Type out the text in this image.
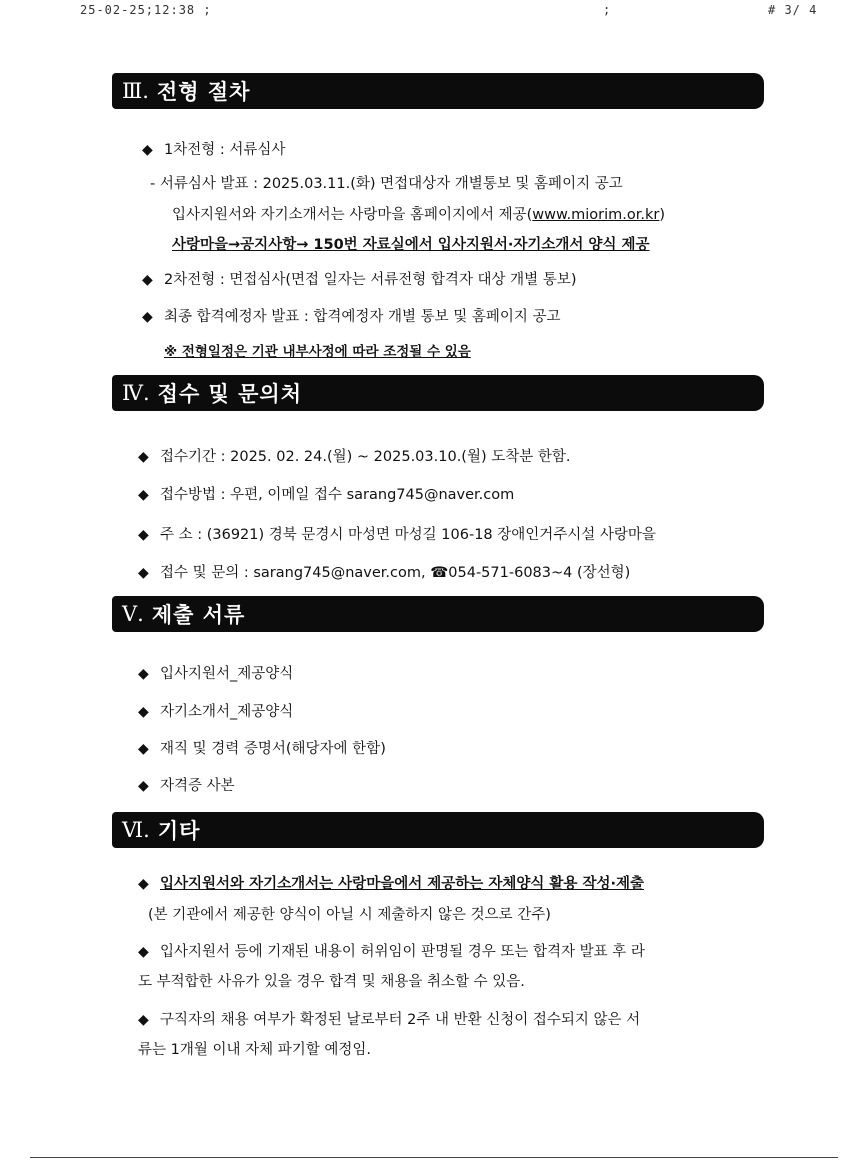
25-02-25;12:38 ;	;	# 3/ 4
Ⅲ. 전형 절차
◆ 1차전형 : 서류심사
- 서류심사 발표 : 2025.03.11.(화) 면접대상자 개별통보 및 홈페이지 공고
입사지원서와 자기소개서는 사랑마을 홈페이지에서 제공(www.miorim.or.kr)
사랑마을→공지사항→ 150번 자료실에서 입사지원서·자기소개서 양식 제공
◆ 2차전형 : 면접심사(면접 일자는 서류전형 합격자 대상 개별 통보)
◆ 최종 합격예정자 발표 : 합격예정자 개별 통보 및 홈페이지 공고
※ 전형일정은 기관 내부사정에 따라 조정될 수 있음
Ⅳ. 접수 및 문의처
◆ 접수기간 : 2025. 02. 24.(월) ~ 2025.03.10.(월) 도착분 한함.
◆ 접수방법 : 우편, 이메일 접수 sarang745@naver.com
◆ 주 소 : (36921) 경북 문경시 마성면 마성길 106-18 장애인거주시설 사랑마을
◆ 접수 및 문의 : sarang745@naver.com, ☎054-571-6083~4 (장선형)
Ⅴ. 제출 서류
◆ 입사지원서_제공양식
◆ 자기소개서_제공양식
◆ 재직 및 경력 증명서(해당자에 한함)
◆ 자격증 사본
Ⅵ. 기타
◆ 입사지원서와 자기소개서는 사랑마을에서 제공하는 자체양식 활용 작성·제출
(본 기관에서 제공한 양식이 아닐 시 제출하지 않은 것으로 간주)
◆ 입사지원서 등에 기재된 내용이 허위임이 판명될 경우 또는 합격자 발표 후 라
도 부적합한 사유가 있을 경우 합격 및 채용을 취소할 수 있음.
◆ 구직자의 채용 여부가 확정된 날로부터 2주 내 반환 신청이 접수되지 않은 서
류는 1개월 이내 자체 파기할 예정임.
